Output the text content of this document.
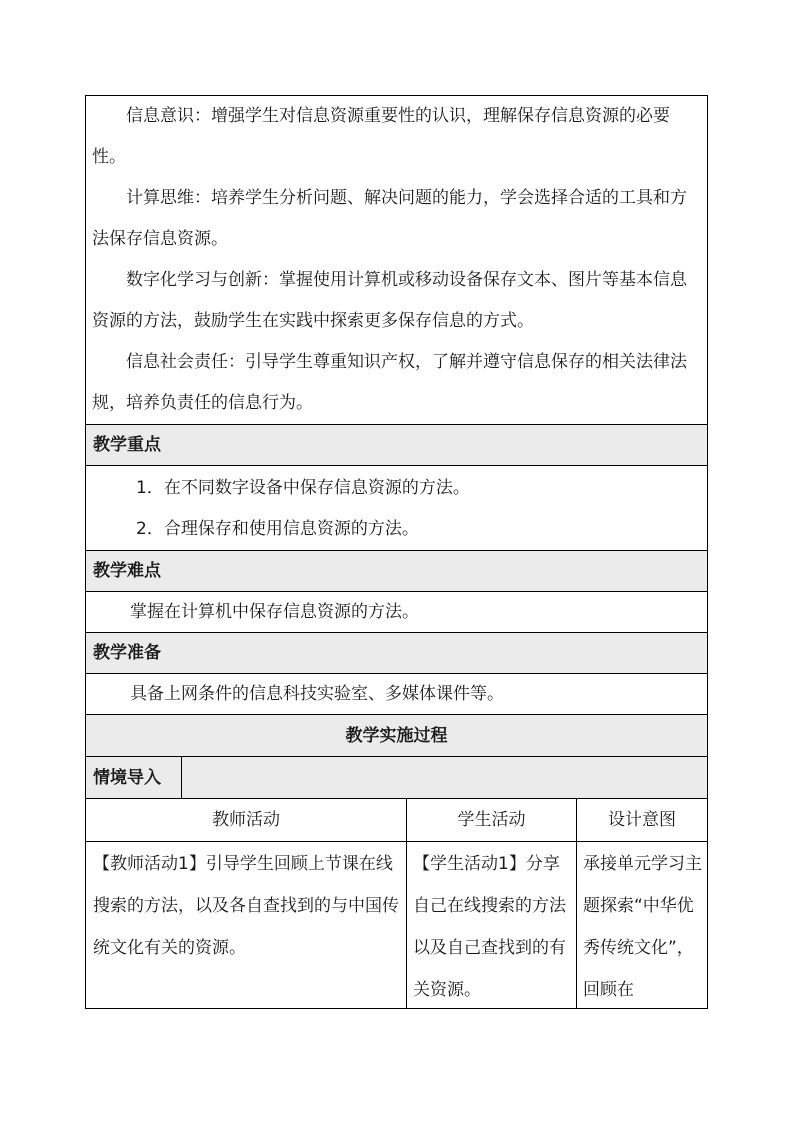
信息意识：增强学生对信息资源重要性的认识，理解保存信息资源的必要性。

计算思维：培养学生分析问题、解决问题的能力，学会选择合适的工具和方法保存信息资源。

数字化学习与创新：掌握使用计算机或移动设备保存文本、图片等基本信息资源的方法，鼓励学生在实践中探索更多保存信息的方式。

信息社会责任：引导学生尊重知识产权，了解并遵守信息保存的相关法律法规，培养负责任的信息行为。

教学重点

1．在不同数字设备中保存信息资源的方法。

2．合理保存和使用信息资源的方法。

教学难点
掌握在计算机中保存信息资源的方法。
教学准备
具备上网条件的信息科技实验室、多媒体课件等。
教学实施过程
情境导入
教师活动	学生活动	设计意图
【教师活动1】引导学生回顾上节课在线搜索的方法，以及各自查找到的与中国传统文化有关的资源。
【学生活动1】分享自己在线搜索的方法以及自己查找到的有关资源。
承接单元学习主题探索“中华优秀传统文化”，回顾在
